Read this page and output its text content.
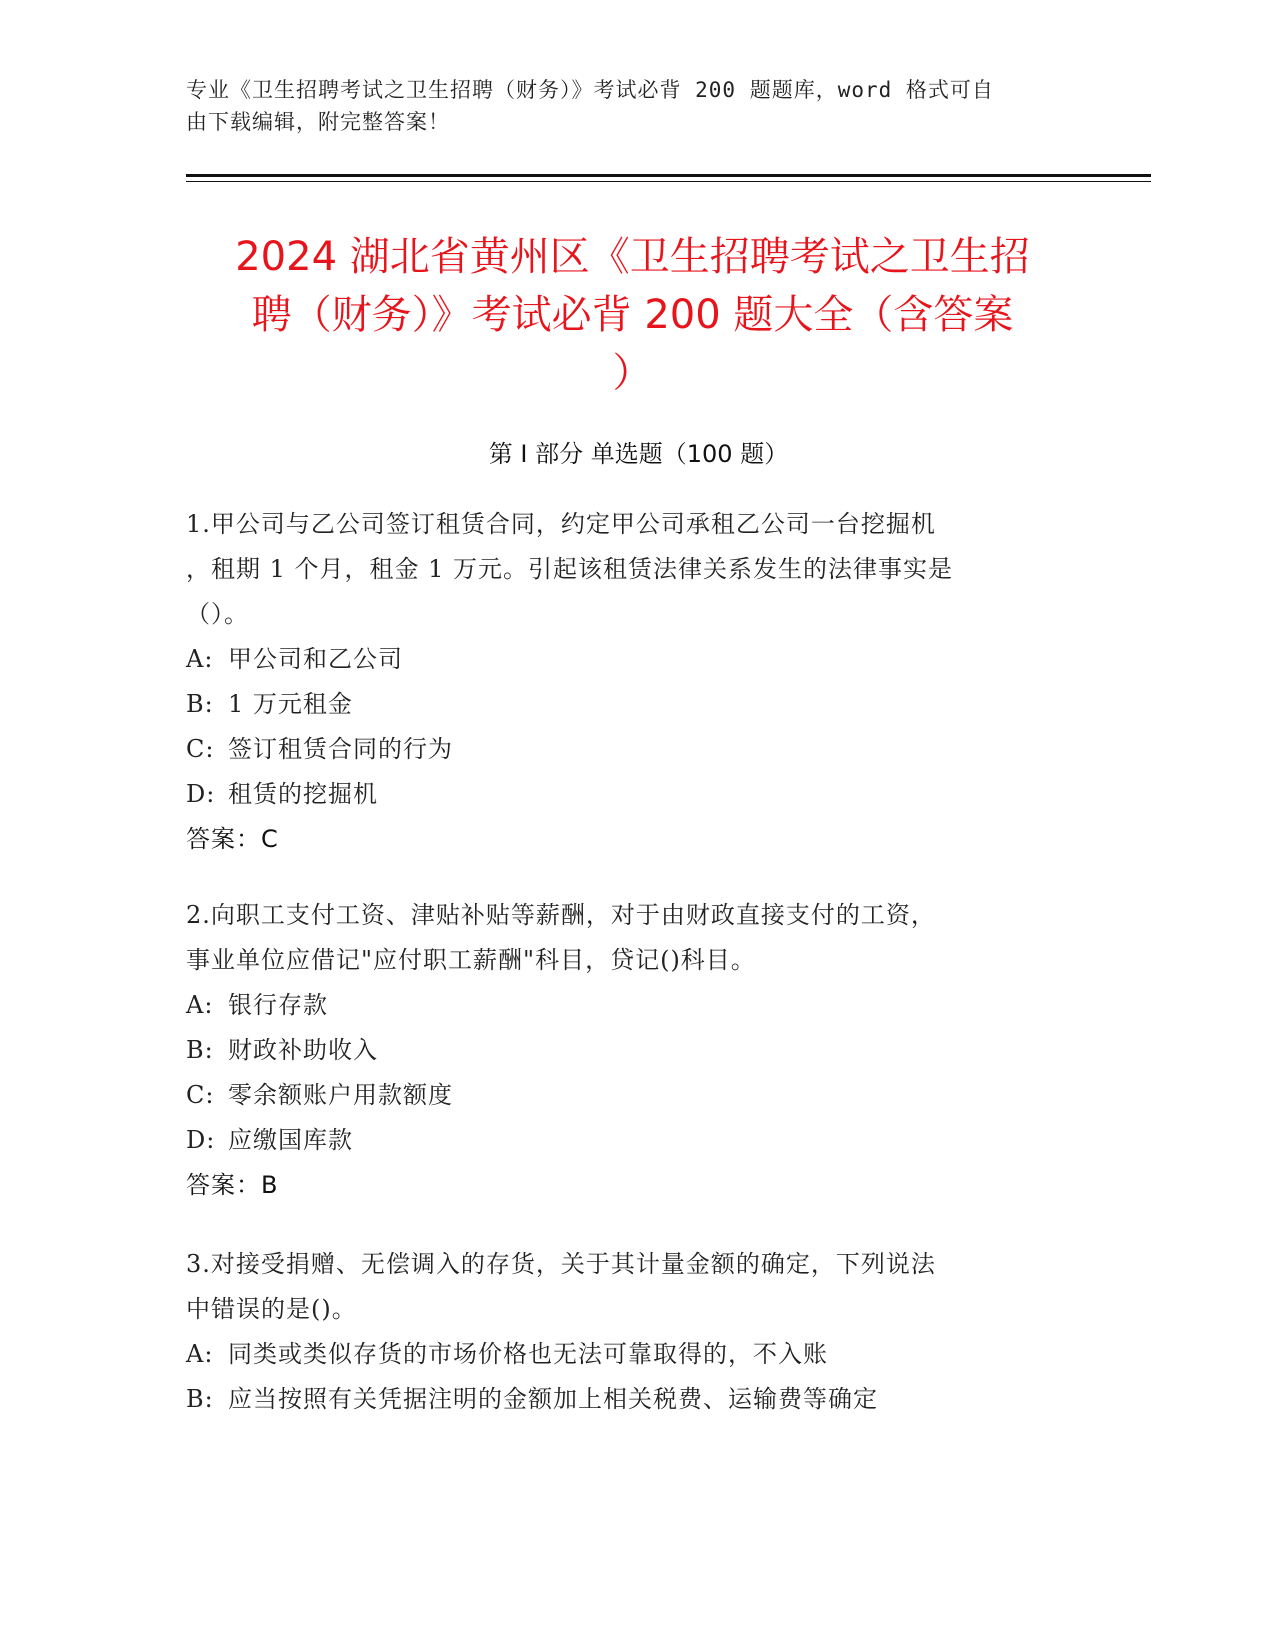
专业《卫生招聘考试之卫生招聘（财务）》考试必背 200 题题库，word 格式可自
由下载编辑，附完整答案！
2024 湖北省黄州区《卫生招聘考试之卫生招
聘（财务）》考试必背 200 题大全（含答案
）
第 I 部分 单选题（100 题）
1.甲公司与乙公司签订租赁合同，约定甲公司承租乙公司一台挖掘机
，租期 1 个月，租金 1 万元。引起该租赁法律关系发生的法律事实是
（）。
A: 甲公司和乙公司
B: 1 万元租金
C: 签订租赁合同的行为
D: 租赁的挖掘机
答案：C
2.向职工支付工资、津贴补贴等薪酬，对于由财政直接支付的工资，
事业单位应借记"应付职工薪酬"科目，贷记()科目。
A: 银行存款
B: 财政补助收入
C: 零余额账户用款额度
D: 应缴国库款
答案：B
3.对接受捐赠、无偿调入的存货，关于其计量金额的确定，下列说法
中错误的是()。
A: 同类或类似存货的市场价格也无法可靠取得的，不入账
B: 应当按照有关凭据注明的金额加上相关税费、运输费等确定
